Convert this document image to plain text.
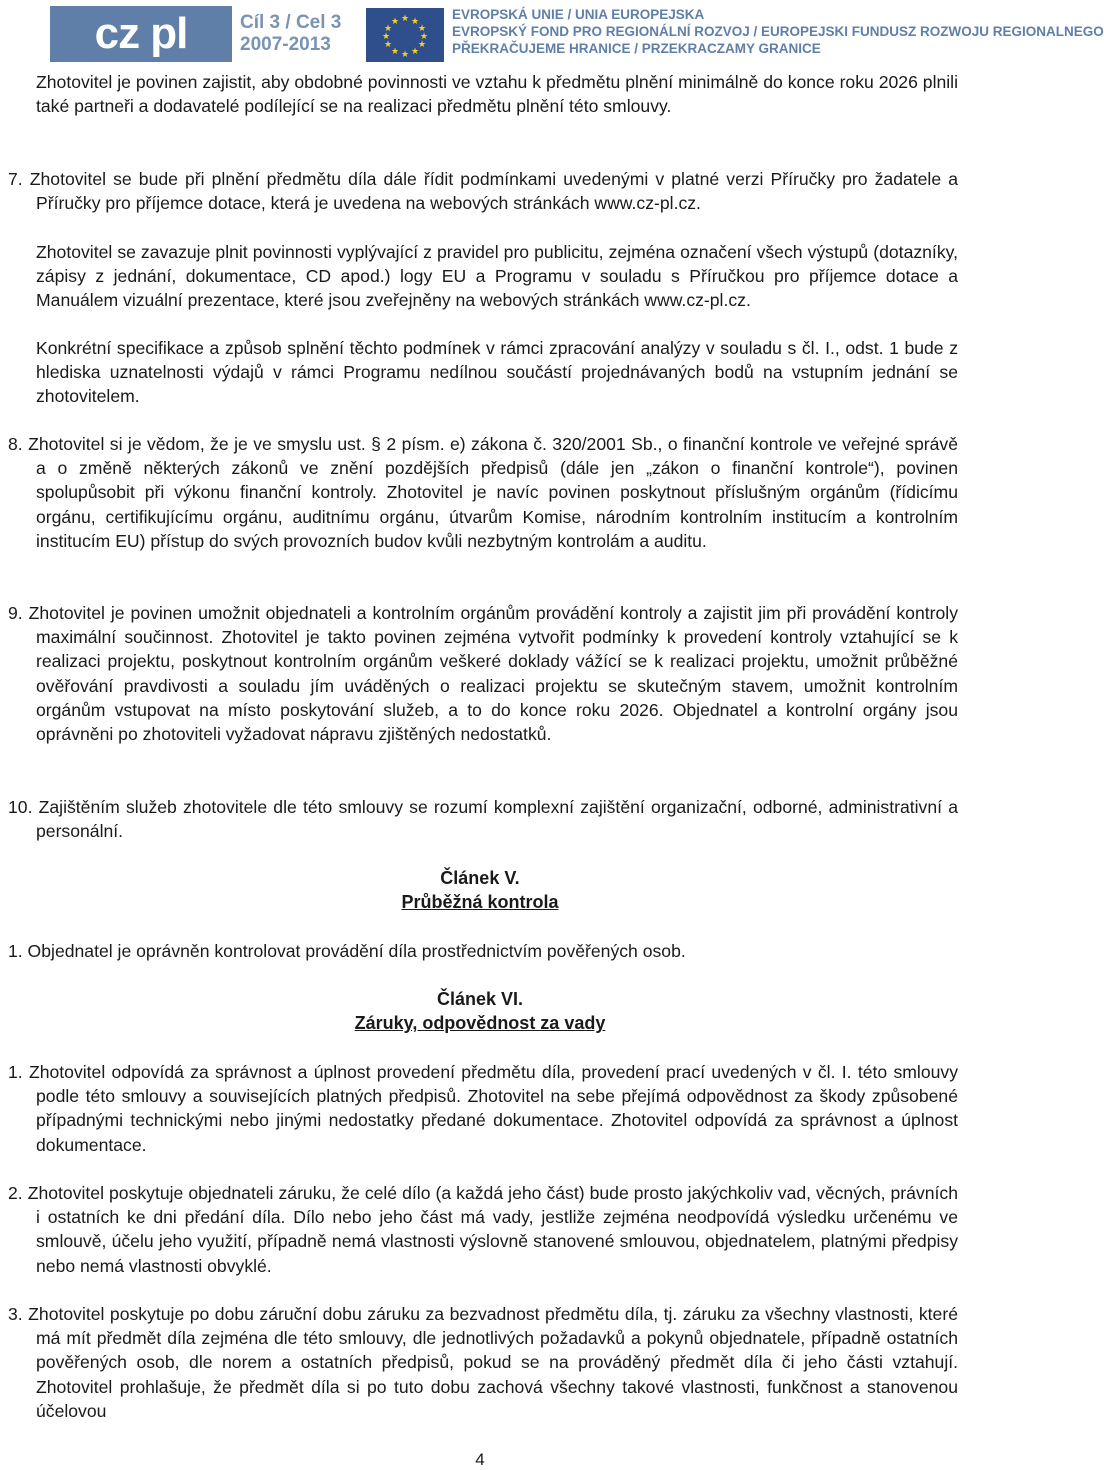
cz pl	Cíl 3 / Cel 3
2007-2013
★ ★
★
★
★
★
★
★
★
★
★
★	EVROPSKÁ UNIE / UNIA EUROPEJSKA
EVROPSKÝ FOND PRO REGIONÁLNÍ ROZVOJ / EUROPEJSKI FUNDUSZ ROZWOJU REGIONALNEGO
PŘEKRAČUJEME HRANICE / PRZEKRACZAMY GRANICE

Zhotovitel je povinen zajistit, aby obdobné povinnosti ve vztahu k předmětu plnění minimálně do konce roku 2026 plnili také partneři a dodavatelé podílející se na realizaci předmětu plnění této smlouvy.

7. Zhotovitel se bude při plnění předmětu díla dále řídit podmínkami uvedenými v platné verzi Příručky pro žadatele a Příručky pro příjemce dotace, která je uvedena na webových stránkách www.cz-pl.cz.

Zhotovitel se zavazuje plnit povinnosti vyplývající z pravidel pro publicitu, zejména označení všech výstupů (dotazníky, zápisy z jednání, dokumentace, CD apod.) logy EU a Programu v souladu s Příručkou pro příjemce dotace a Manuálem vizuální prezentace, které jsou zveřejněny na webových stránkách www.cz-pl.cz.

Konkrétní specifikace a způsob splnění těchto podmínek v rámci zpracování analýzy v souladu s čl. I., odst. 1 bude z hlediska uznatelnosti výdajů v rámci Programu nedílnou součástí projednávaných bodů na vstupním jednání se zhotovitelem.

8. Zhotovitel si je vědom, že je ve smyslu ust. § 2 písm. e) zákona č. 320/2001 Sb., o finanční kontrole ve veřejné správě a o změně některých zákonů ve znění pozdějších předpisů (dále jen „zákon o finanční kontrole“), povinen spolupůsobit při výkonu finanční kontroly. Zhotovitel je navíc povinen poskytnout příslušným orgánům (řídicímu orgánu, certifikujícímu orgánu, auditnímu orgánu, útvarům Komise, národním kontrolním institucím a kontrolním institucím EU) přístup do svých provozních budov kvůli nezbytným kontrolám a auditu.

9. Zhotovitel je povinen umožnit objednateli a kontrolním orgánům provádění kontroly a zajistit jim při provádění kontroly maximální součinnost. Zhotovitel je takto povinen zejména vytvořit podmínky k provedení kontroly vztahující se k realizaci projektu, poskytnout kontrolním orgánům veškeré doklady vážící se k realizaci projektu, umožnit průběžné ověřování pravdivosti a souladu jím uváděných o realizaci projektu se skutečným stavem, umožnit kontrolním orgánům vstupovat na místo poskytování služeb, a to do konce roku 2026. Objednatel a kontrolní orgány jsou oprávněni po zhotoviteli vyžadovat nápravu zjištěných nedostatků.

10. Zajištěním služeb zhotovitele dle této smlouvy se rozumí komplexní zajištění organizační, odborné, administrativní a personální.

Článek V.
Průběžná kontrola

1. Objednatel je oprávněn kontrolovat provádění díla prostřednictvím pověřených osob.

Článek VI.
Záruky, odpovědnost za vady

1. Zhotovitel odpovídá za správnost a úplnost provedení předmětu díla, provedení prací uvedených v čl. I. této smlouvy podle této smlouvy a souvisejících platných předpisů. Zhotovitel na sebe přejímá odpovědnost za škody způsobené případnými technickými nebo jinými nedostatky předané dokumentace. Zhotovitel odpovídá za správnost a úplnost dokumentace.

2. Zhotovitel poskytuje objednateli záruku, že celé dílo (a každá jeho část) bude prosto jakýchkoliv vad, věcných, právních i ostatních ke dni předání díla. Dílo nebo jeho část má vady, jestliže zejména neodpovídá výsledku určenému ve smlouvě, účelu jeho využití, případně nemá vlastnosti výslovně stanovené smlouvou, objednatelem, platnými předpisy nebo nemá vlastnosti obvyklé.

3. Zhotovitel poskytuje po dobu záruční dobu záruku za bezvadnost předmětu díla, tj. záruku za všechny vlastnosti, které má mít předmět díla zejména dle této smlouvy, dle jednotlivých požadavků a pokynů objednatele, případně ostatních pověřených osob, dle norem a ostatních předpisů, pokud se na prováděný předmět díla či jeho části vztahují. Zhotovitel prohlašuje, že předmět díla si po tuto dobu zachová všechny takové vlastnosti, funkčnost a stanovenou účelovou

4
